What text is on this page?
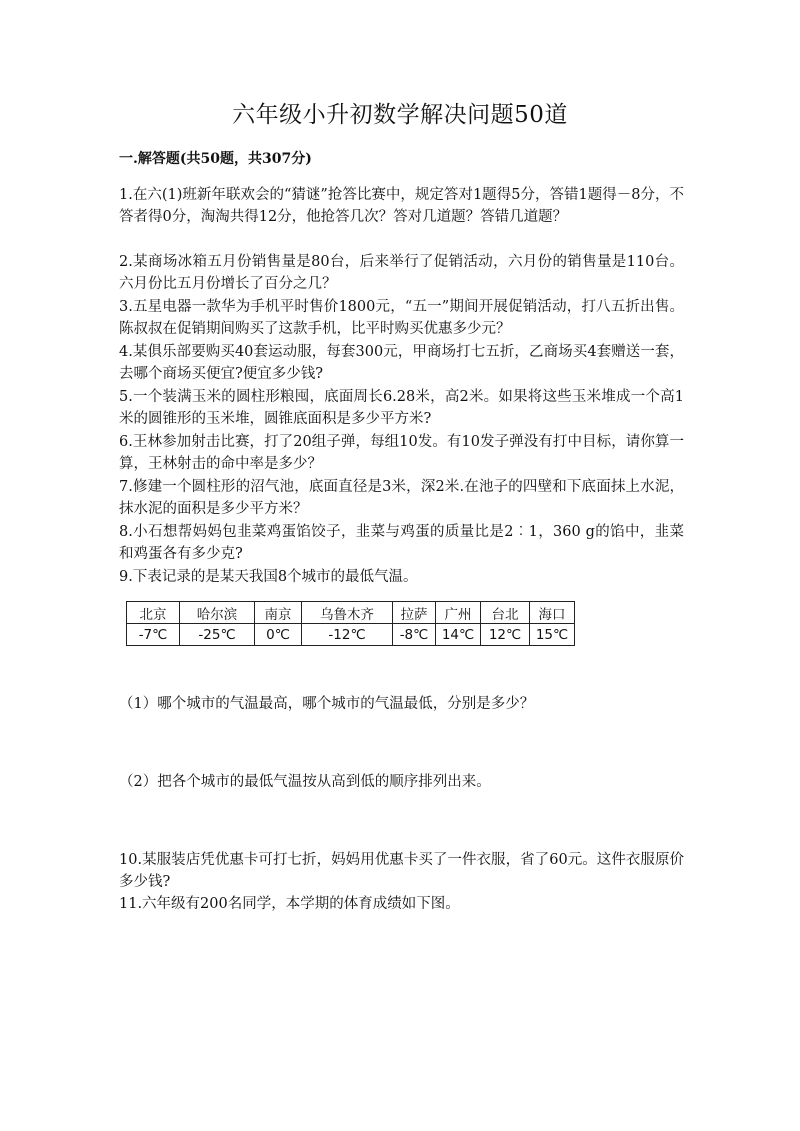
六年级小升初数学解决问题50道
一.解答题(共50题，共307分)
1.在六(1)班新年联欢会的“猜谜”抢答比赛中，规定答对1题得5分，答错1题得－8分，不答者得0分，淘淘共得12分，他抢答几次？答对几道题？答错几道题？
2.某商场冰箱五月份销售量是80台，后来举行了促销活动，六月份的销售量是110台。六月份比五月份增长了百分之几？
3.五星电器一款华为手机平时售价1800元，“五一”期间开展促销活动，打八五折出售。陈叔叔在促销期间购买了这款手机，比平时购买优惠多少元？
4.某俱乐部要购买40套运动服，每套300元，甲商场打七五折，乙商场买4套赠送一套，去哪个商场买便宜?便宜多少钱?
5.一个装满玉米的圆柱形粮囤，底面周长6.28米，高2米。如果将这些玉米堆成一个高1米的圆锥形的玉米堆，圆锥底面积是多少平方米?
6.王林参加射击比赛，打了20组子弹，每组10发。有10发子弹没有打中目标，请你算一算，王林射击的命中率是多少？
7.修建一个圆柱形的沼气池，底面直径是3米，深2米.在池子的四壁和下底面抹上水泥，抹水泥的面积是多少平方米？
8.小石想帮妈妈包韭菜鸡蛋馅饺子，韭菜与鸡蛋的质量比是2︰1，360 g的馅中，韭菜和鸡蛋各有多少克?
9.下表记录的是某天我国8个城市的最低气温。
北京	哈尔滨	南京	乌鲁木齐	拉萨	广州	台北	海口
-7℃	-25℃	0℃	-12℃	-8℃	14℃	12℃	15℃
（1）哪个城市的气温最高，哪个城市的气温最低，分别是多少？
（2）把各个城市的最低气温按从高到低的顺序排列出来。
10.某服装店凭优惠卡可打七折，妈妈用优惠卡买了一件衣服，省了60元。这件衣服原价多少钱?
11.六年级有200名同学，本学期的体育成绩如下图。
